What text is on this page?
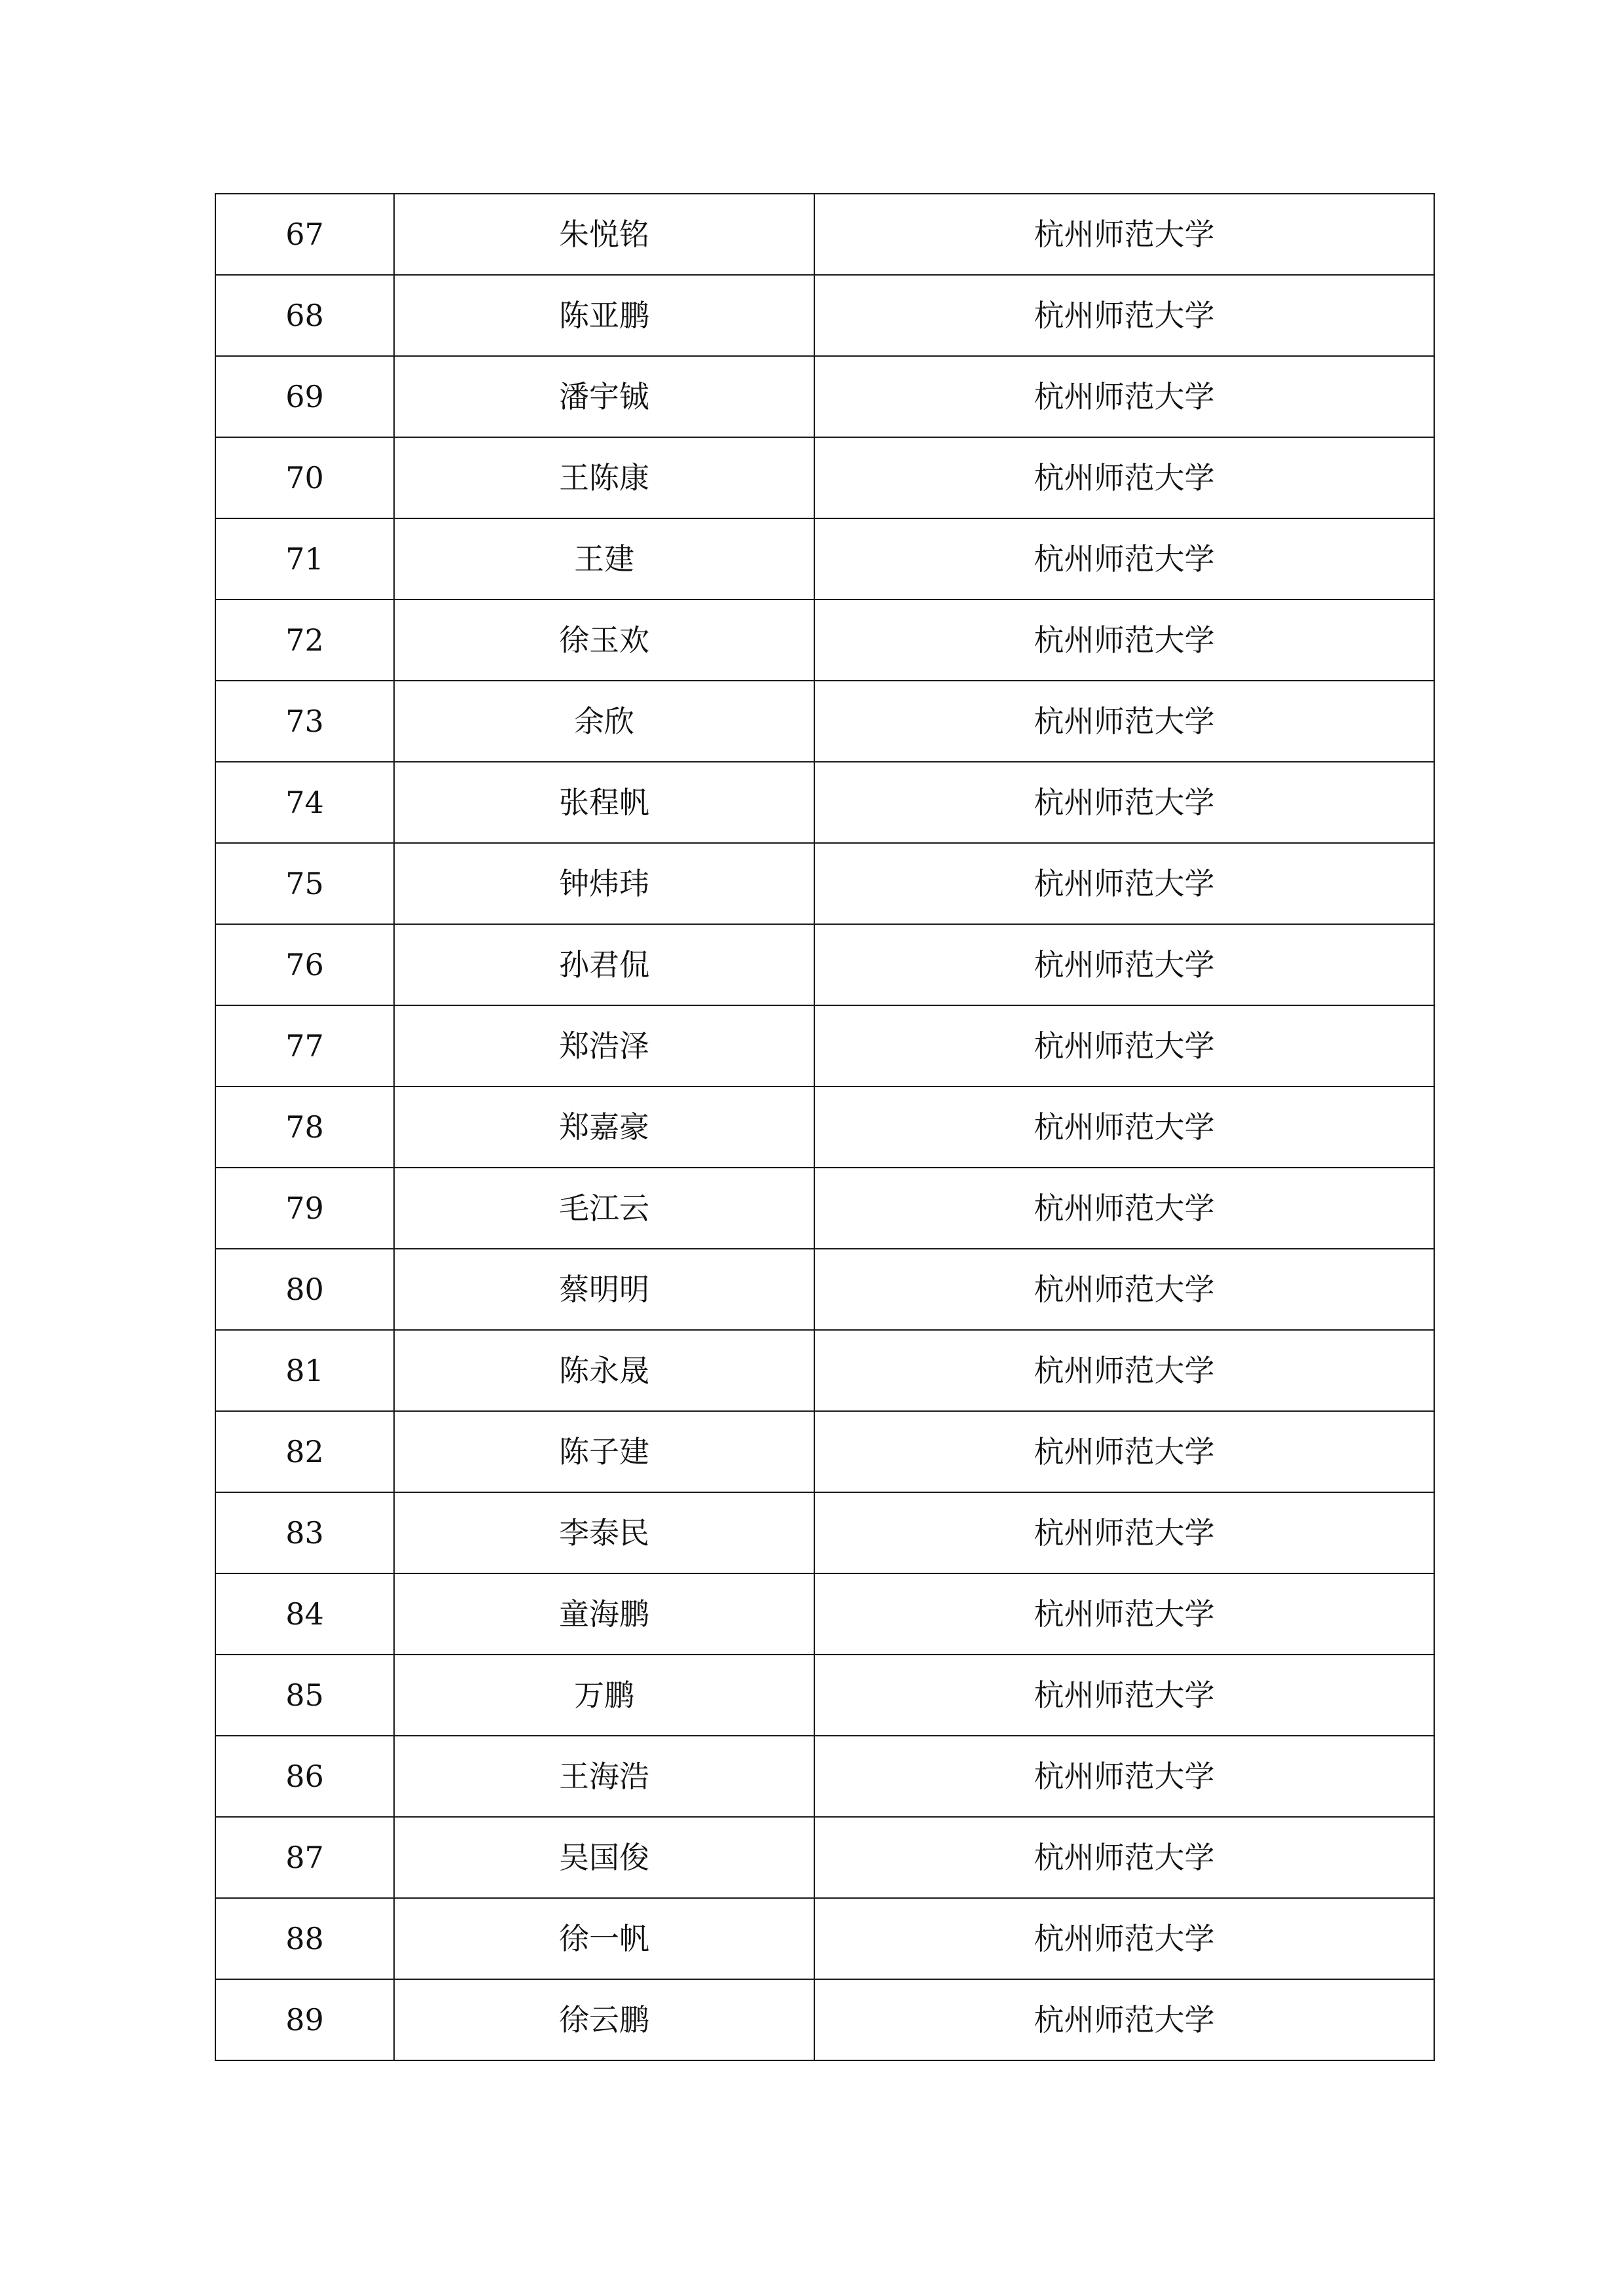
67	朱悦铭	杭州师范大学
68	陈亚鹏	杭州师范大学
69	潘宇铖	杭州师范大学
70	王陈康	杭州师范大学
71	王建	杭州师范大学
72	徐玉欢	杭州师范大学
73	余欣	杭州师范大学
74	张程帆	杭州师范大学
75	钟炜玮	杭州师范大学
76	孙君侃	杭州师范大学
77	郑浩泽	杭州师范大学
78	郑嘉豪	杭州师范大学
79	毛江云	杭州师范大学
80	蔡明明	杭州师范大学
81	陈永晟	杭州师范大学
82	陈子建	杭州师范大学
83	李泰民	杭州师范大学
84	童海鹏	杭州师范大学
85	万鹏	杭州师范大学
86	王海浩	杭州师范大学
87	吴国俊	杭州师范大学
88	徐一帆	杭州师范大学
89	徐云鹏	杭州师范大学
